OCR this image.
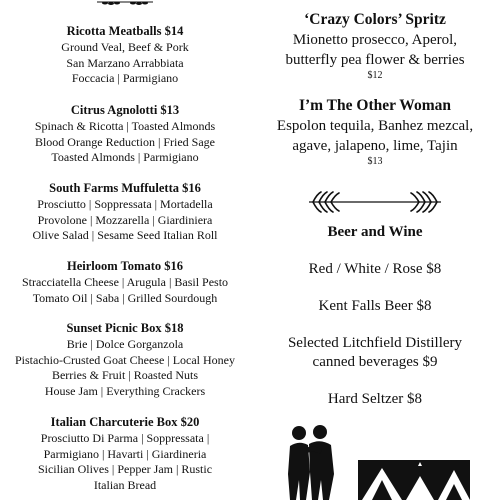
Ricotta Meatballs $14
Ground Veal, Beef & Pork
San Marzano Arrabbiata
Foccacia | Parmigiano
Citrus Agnolotti $13
Spinach & Ricotta | Toasted Almonds
Blood Orange Reduction | Fried Sage
Toasted Almonds | Parmigiano
South Farms Muffuletta $16
Prosciutto | Soppressata | Mortadella
Provolone | Mozzarella | Giardiniera
Olive Salad | Sesame Seed Italian Roll
Heirloom Tomato $16
Stracciatella Cheese | Arugula | Basil Pesto
Tomato Oil | Saba | Grilled Sourdough
Sunset Picnic Box $18
Brie | Dolce Gorganzola
Pistachio-Crusted Goat Cheese | Local Honey
Berries & Fruit | Roasted Nuts
House Jam | Everything Crackers
Italian Charcuterie Box $20
Prosciutto Di Parma | Soppressata |
Parmigiano | Havarti | Giardineria
Sicilian Olives | Pepper Jam | Rustic
Italian Bread
‘Crazy Colors’ Spritz
Mionetto prosecco, Aperol,
butterfly pea flower & berries
$12
I’m The Other Woman
Espolon tequila, Banhez mezcal,
agave, jalapeno, lime, Tajin
$13
Beer and Wine
Red / White / Rose $8
Kent Falls Beer $8
Selected Litchfield Distillery
canned beverages $9
Hard Seltzer $8
